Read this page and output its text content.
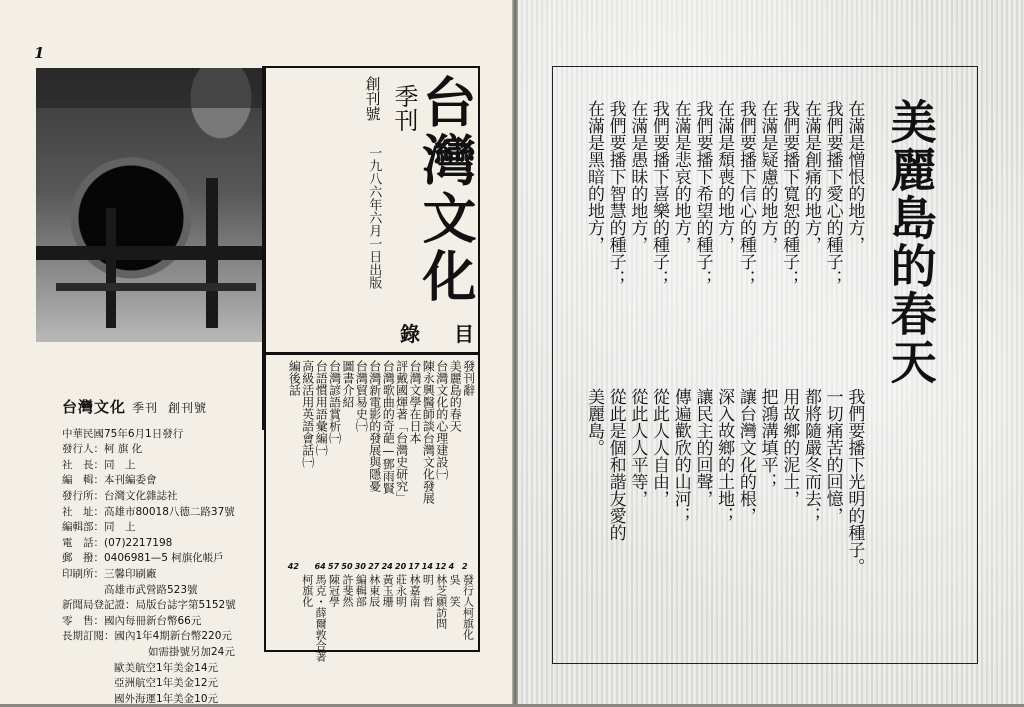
1
台灣文化
季刊
創刊號
一九八六年六月一日出版
目
錄
發刊辭
2
發行人柯旗化
美麗島的春天
4
吳　笑
台灣文化的心理建設㈠
12
林芝願訪問
陳永興醫師談台灣文化發展
14
明　哲
台灣文學在日本
17
林嘉南
評戴國煇著「台灣史研究」
20
莊永明
台灣歌曲的奇葩—鄧雨賢
24
黃玉珊
台灣新電影的發展與隱憂
27
林東辰
台灣貿易史㈠
30
編輯部
圖書介紹
50
許斐然
台灣諺語賞析㈠
57
陳冠學
台語慣用語彙編㈠
64
馬克・薛爾敦合著
高級活用英語會話㈠
柯旗化
編後話
42
台灣文化 季刊 創刊號
中華民國75年6月1日發行
發行人：柯 旗 化
社　長：同　上
編　輯：本刊編委會
發行所：台灣文化雜誌社
社　址：高雄市80018八德二路37號
編輯部：同　上
電　話：(07)2217198
郵　撥：0406981—5 柯旗化帳戶
印刷所：三馨印刷廠
　　　　高雄市武營路523號
新聞局登記證：局版台誌字第5152號
零　售：國內每冊新台幣66元
長期訂閱：國內1年4期新台幣220元
如需掛號另加24元
歐美航空1年美金14元
亞洲航空1年美金12元
國外海運1年美金10元
美麗島的春天
在滿是憎恨的地方，
我們要播下愛心的種子；
在滿是創痛的地方，
我們要播下寬恕的種子；
在滿是疑慮的地方，
我們要播下信心的種子；
在滿是頹喪的地方，
我們要播下希望的種子；
在滿是悲哀的地方，
我們要播下喜樂的種子；
在滿是愚昧的地方，
我們要播下智慧的種子；
在滿是黑暗的地方，
我們要播下光明的種子。
一切痛苦的回憶，
都將隨嚴冬而去；
用故鄉的泥土，
把鴻溝填平；
讓台灣文化的根，
深入故鄉的土地；
讓民主的回聲，
傳遍歡欣的山河；
從此人人自由，
從此人人平等，
從此是個和諧友愛的
美麗島。
